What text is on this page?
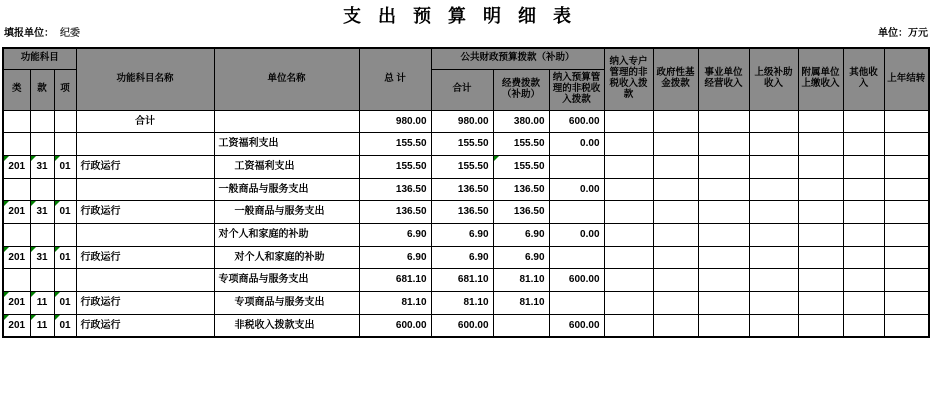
支出预算明细表
填报单位： 纪委	单位：万元
功能科目			功能科目名称	单位名称	总 计	公共财政预算拨款（补助）			纳入专户管理的非税收入拨款	政府性基金拨款	事业单位经营收入	上级补助收入	附属单位上缴收入	其他收入	上年结转
类	款	项				合计	经费拨款（补助）	纳入预算管理的非税收入拨款							
			合计		980.00	980.00	380.00	600.00							
				工资福利支出	155.50	155.50	155.50	0.00							
201	31	01	行政运行	工资福利支出	155.50	155.50	155.50

				一般商品与服务支出	136.50	136.50	136.50	0.00							
201	31	01	行政运行	一般商品与服务支出	136.50	136.50	136.50								
				对个人和家庭的补助	6.90	6.90	6.90	0.00							
201	31	01	行政运行	对个人和家庭的补助	6.90	6.90	6.90								
				专项商品与服务支出	681.10	681.10	81.10	600.00							
201	11	01	行政运行	专项商品与服务支出	81.10	81.10	81.10								
201	11	01	行政运行	非税收入拨款支出	600.00	600.00		600.00							
